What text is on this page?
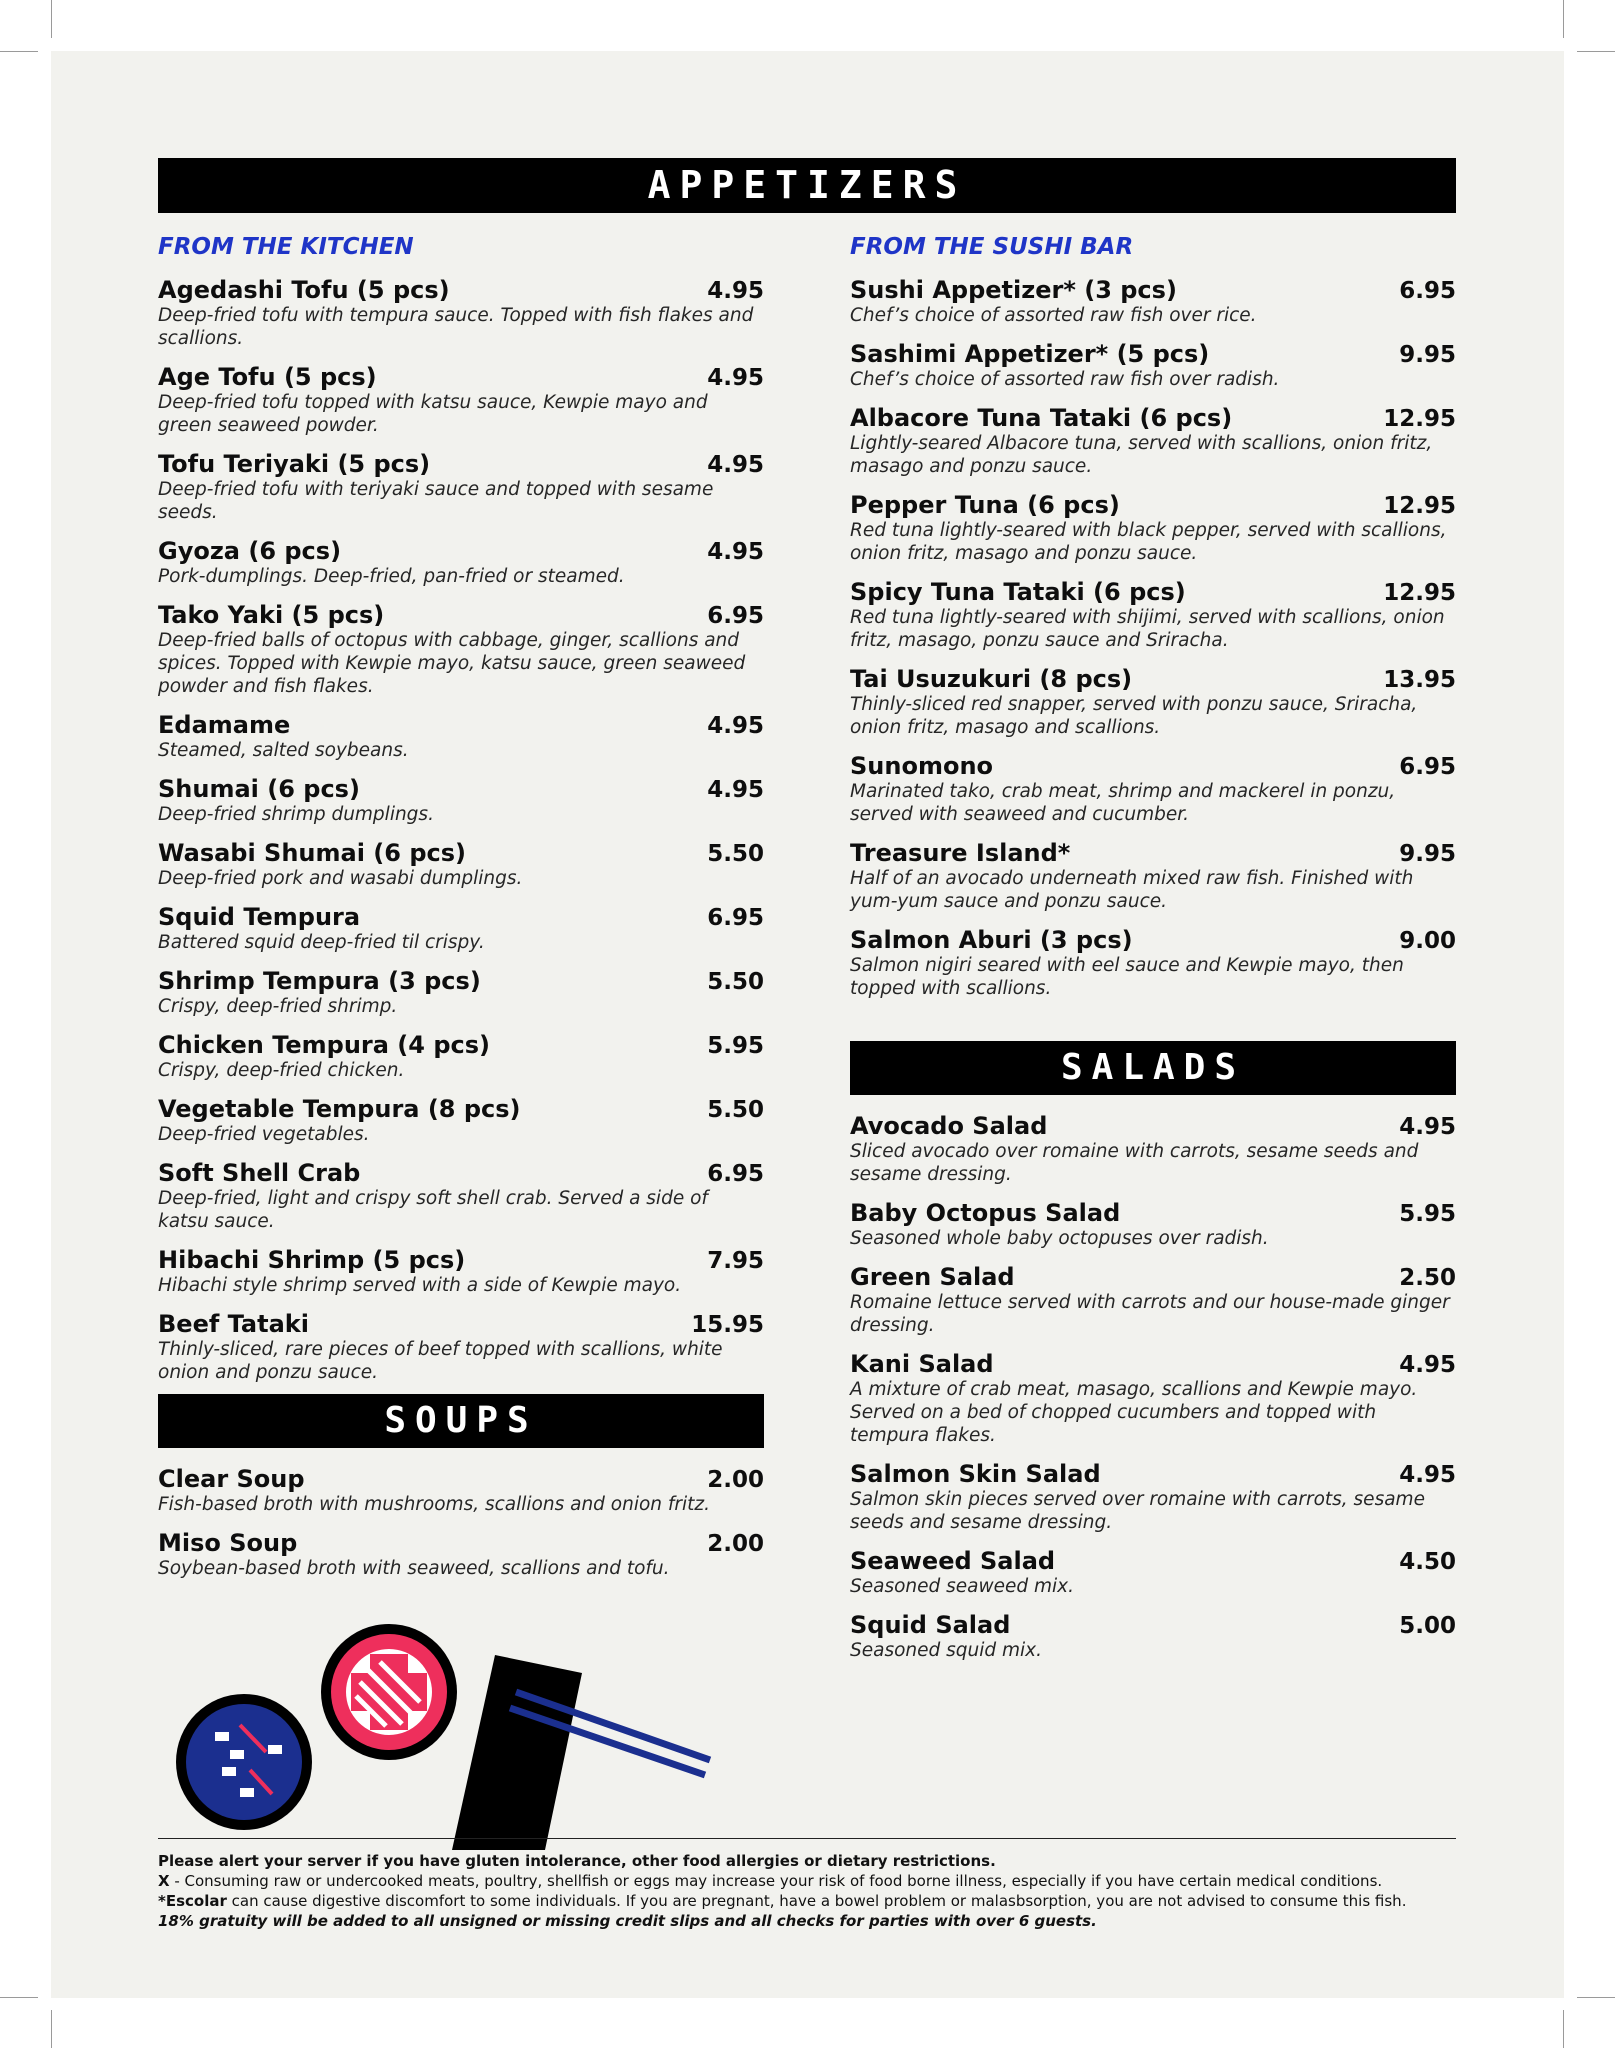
APPETIZERS
FROM THE KITCHEN	FROM THE SUSHI BAR
Agedashi Tofu (5 pcs)	4.95
Deep-fried tofu with tempura sauce. Topped with fish flakes and scallions.
Age Tofu (5 pcs)	4.95
Deep-fried tofu topped with katsu sauce, Kewpie mayo and green seaweed powder.
Tofu Teriyaki (5 pcs)	4.95
Deep-fried tofu with teriyaki sauce and topped with sesame seeds.
Gyoza (6 pcs)	4.95
Pork-dumplings. Deep-fried, pan-fried or steamed.
Tako Yaki (5 pcs)	6.95
Deep-fried balls of octopus with cabbage, ginger, scallions and spices. Topped with Kewpie mayo, katsu sauce, green seaweed powder and fish flakes.
Edamame	4.95
Steamed, salted soybeans.
Shumai (6 pcs)	4.95
Deep-fried shrimp dumplings.
Wasabi Shumai (6 pcs)	5.50
Deep-fried pork and wasabi dumplings.
Squid Tempura	6.95
Battered squid deep-fried til crispy.
Shrimp Tempura (3 pcs)	5.50
Crispy, deep-fried shrimp.
Chicken Tempura (4 pcs)	5.95
Crispy, deep-fried chicken.
Vegetable Tempura (8 pcs)	5.50
Deep-fried vegetables.
Soft Shell Crab	6.95
Deep-fried, light and crispy soft shell crab. Served a side of katsu sauce.
Hibachi Shrimp (5 pcs)	7.95
Hibachi style shrimp served with a side of Kewpie mayo.
Beef Tataki	15.95
Thinly-sliced, rare pieces of beef topped with scallions, white onion and ponzu sauce.
SOUPS
Clear Soup	2.00
Fish-based broth with mushrooms, scallions and onion fritz.
Miso Soup	2.00
Soybean-based broth with seaweed, scallions and tofu.
Sushi Appetizer* (3 pcs)	6.95
Chef’s choice of assorted raw fish over rice.
Sashimi Appetizer* (5 pcs)	9.95
Chef’s choice of assorted raw fish over radish.
Albacore Tuna Tataki (6 pcs)	12.95
Lightly-seared Albacore tuna, served with scallions, onion fritz, masago and ponzu sauce.
Pepper Tuna (6 pcs)	12.95
Red tuna lightly-seared with black pepper, served with scallions, onion fritz, masago and ponzu sauce.
Spicy Tuna Tataki (6 pcs)	12.95
Red tuna lightly-seared with shijimi, served with scallions, onion fritz, masago, ponzu sauce and Sriracha.
Tai Usuzukuri (8 pcs)	13.95
Thinly-sliced red snapper, served with ponzu sauce, Sriracha, onion fritz, masago and scallions.
Sunomono	6.95
Marinated tako, crab meat, shrimp and mackerel in ponzu, served with seaweed and cucumber.
Treasure Island*	9.95
Half of an avocado underneath mixed raw fish. Finished with yum-yum sauce and ponzu sauce.
Salmon Aburi (3 pcs)	9.00
Salmon nigiri seared with eel sauce and Kewpie mayo, then topped with scallions.
SALADS
Avocado Salad	4.95
Sliced avocado over romaine with carrots, sesame seeds and sesame dressing.
Baby Octopus Salad	5.95
Seasoned whole baby octopuses over radish.
Green Salad	2.50
Romaine lettuce served with carrots and our house-made ginger dressing.
Kani Salad	4.95
A mixture of crab meat, masago, scallions and Kewpie mayo. Served on a bed of chopped cucumbers and topped with tempura flakes.
Salmon Skin Salad	4.95
Salmon skin pieces served over romaine with carrots, sesame seeds and sesame dressing.
Seaweed Salad	4.50
Seasoned seaweed mix.
Squid Salad	5.00
Seasoned squid mix.
Please alert your server if you have gluten intolerance, other food allergies or dietary restrictions.
X - Consuming raw or undercooked meats, poultry, shellfish or eggs may increase your risk of food borne illness, especially if you have certain medical conditions.
*Escolar can cause digestive discomfort to some individuals. If you are pregnant, have a bowel problem or malasbsorption, you are not advised to consume this fish.
18% gratuity will be added to all unsigned or missing credit slips and all checks for parties with over 6 guests.
